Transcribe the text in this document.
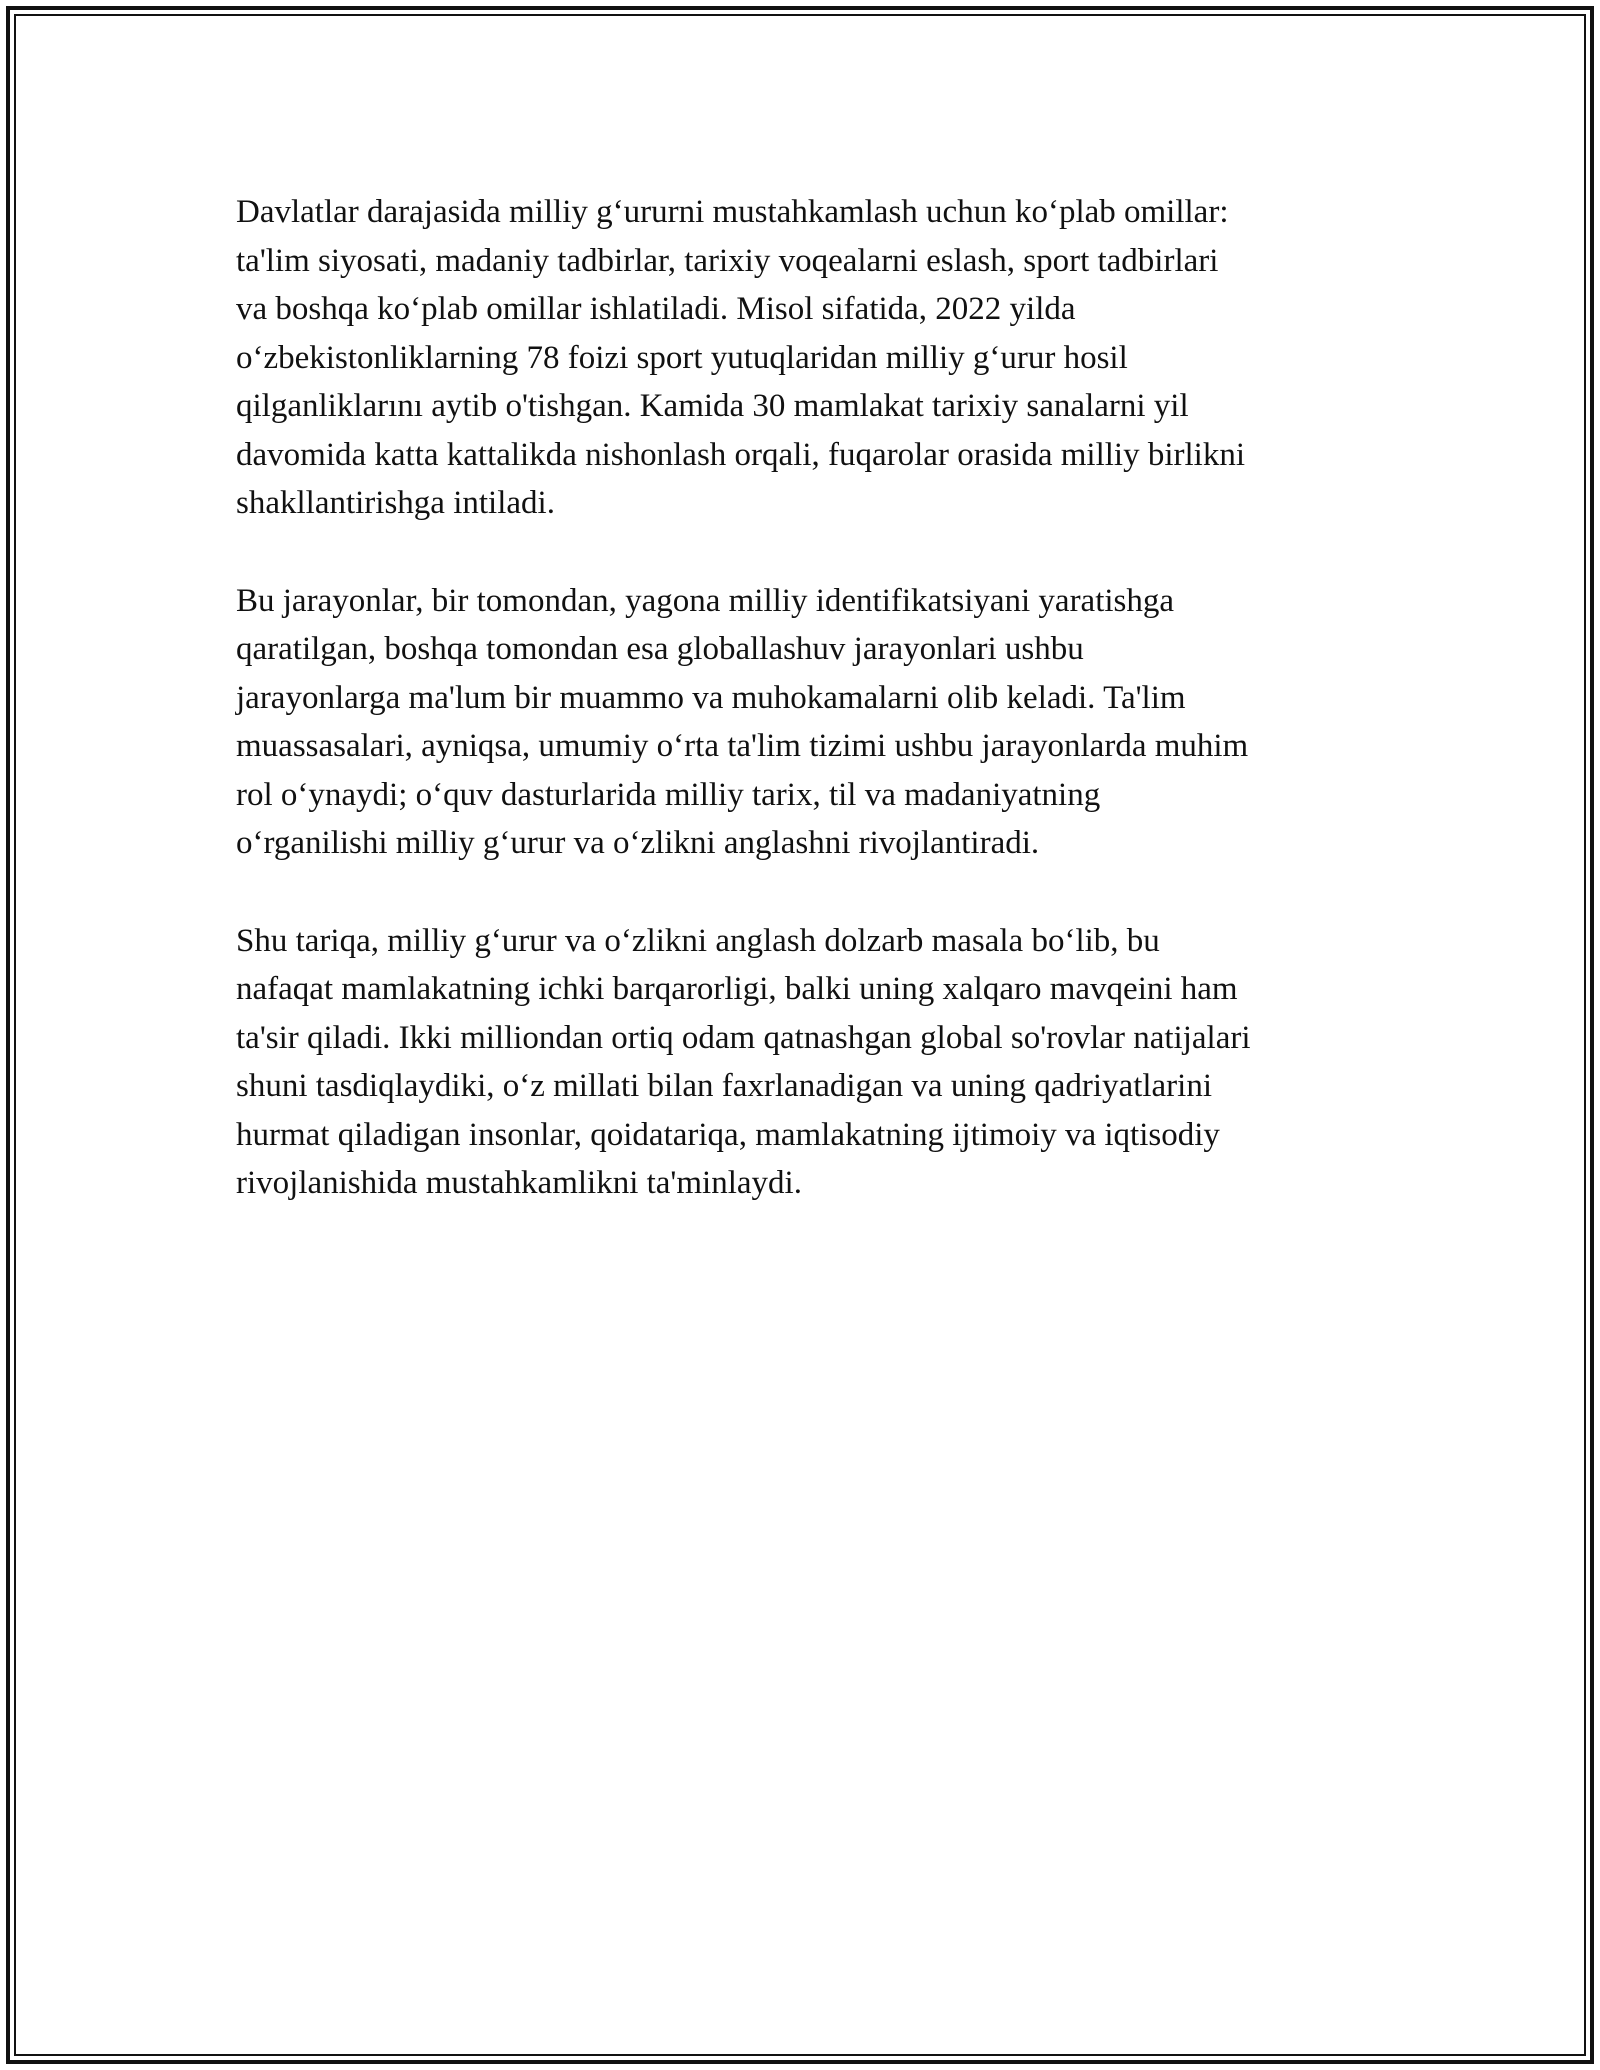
Davlatlar darajasida milliy g‘ururni mustahkamlash uchun ko‘plab omillar:
ta'lim siyosati, madaniy tadbirlar, tarixiy voqealarni eslash, sport tadbirlari
va boshqa ko‘plab omillar ishlatiladi. Misol sifatida, 2022 yilda
o‘zbekistonliklarning 78 foizi sport yutuqlaridan milliy g‘urur hosil
qilganliklarını aytib o'tishgan. Kamida 30 mamlakat tarixiy sanalarni yil
davomida katta kattalikda nishonlash orqali, fuqarolar orasida milliy birlikni
shakllantirishga intiladi.

Bu jarayonlar, bir tomondan, yagona milliy identifikatsiyani yaratishga
qaratilgan, boshqa tomondan esa globallashuv jarayonlari ushbu
jarayonlarga ma'lum bir muammo va muhokamalarni olib keladi. Ta'lim
muassasalari, ayniqsa, umumiy o‘rta ta'lim tizimi ushbu jarayonlarda muhim
rol o‘ynaydi; o‘quv dasturlarida milliy tarix, til va madaniyatning
o‘rganilishi milliy g‘urur va o‘zlikni anglashni rivojlantiradi.

Shu tariqa, milliy g‘urur va o‘zlikni anglash dolzarb masala bo‘lib, bu
nafaqat mamlakatning ichki barqarorligi, balki uning xalqaro mavqeini ham
ta'sir qiladi. Ikki milliondan ortiq odam qatnashgan global so'rovlar natijalari
shuni tasdiqlaydiki, o‘z millati bilan faxrlanadigan va uning qadriyatlarini
hurmat qiladigan insonlar, qoidatariqa, mamlakatning ijtimoiy va iqtisodiy
rivojlanishida mustahkamlikni ta'minlaydi.
